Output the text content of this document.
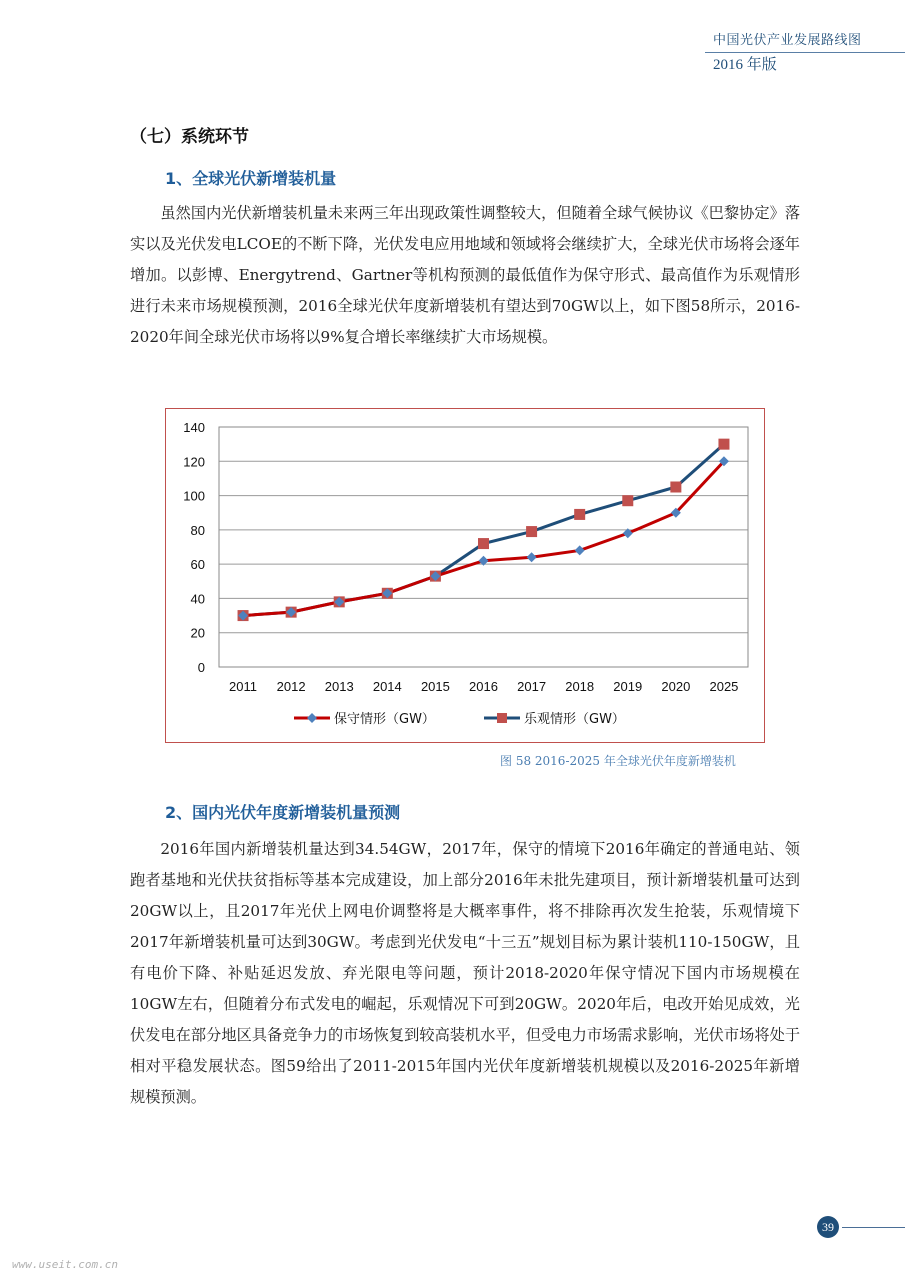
中国光伏产业发展路线图
2016 年版
（七）系统环节
1、全球光伏新增装机量

虽然国内光伏新增装机量未来两三年出现政策性调整较大，但随着全球气候协议《巴黎协定》落实以及光伏发电LCOE的不断下降，光伏发电应用地域和领域将会继续扩大，全球光伏市场将会逐年增加。以彭博、Energytrend、Gartner等机构预测的最低值作为保守形式、最高值作为乐观情形进行未来市场规模预测，2016全球光伏年度新增装机有望达到70GW以上，如下图58所示，2016-2020年间全球光伏市场将以9%复合增长率继续扩大市场规模。

0
20
40
60
80
100
120
140
2011 2012 2013 2014 2015 2016 2017 2018 2019 2020 2025
保守情形（GW）	乐观情形（GW）
图 58 2016-2025 年全球光伏年度新增装机
2、国内光伏年度新增装机量预测

2016年国内新增装机量达到34.54GW，2017年，保守的情境下2016年确定的普通电站、领跑者基地和光伏扶贫指标等基本完成建设，加上部分2016年未批先建项目，预计新增装机量可达到20GW以上，且2017年光伏上网电价调整将是大概率事件，将不排除再次发生抢装，乐观情境下2017年新增装机量可达到30GW。考虑到光伏发电“十三五”规划目标为累计装机110-150GW，且有电价下降、补贴延迟发放、弃光限电等问题，预计2018-2020年保守情况下国内市场规模在10GW左右，但随着分布式发电的崛起，乐观情况下可到20GW。2020年后，电改开始见成效，光伏发电在部分地区具备竞争力的市场恢复到较高装机水平，但受电力市场需求影响，光伏市场将处于相对平稳发展状态。图59给出了2011-2015年国内光伏年度新增装机规模以及2016-2025年新增规模预测。

39
www.useit.com.cn
